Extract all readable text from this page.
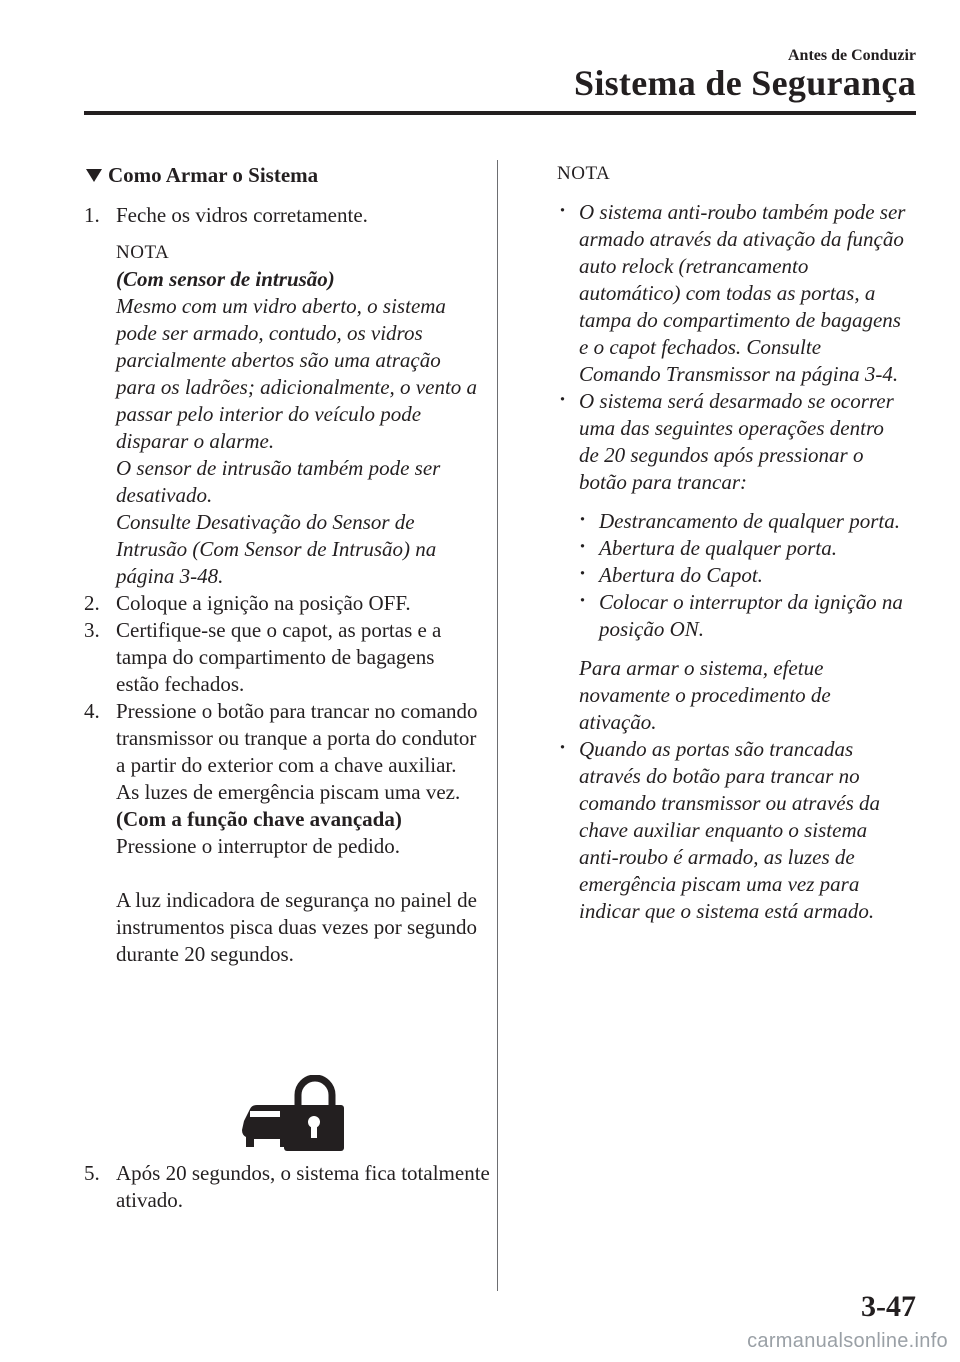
Antes de Conduzir
Sistema de Segurança
Como Armar o Sistema
1. Feche os vidros corretamente.
NOTA
(Com sensor de intrusão)
Mesmo com um vidro aberto, o sistema pode ser armado, contudo, os vidros parcialmente abertos são uma atração para os ladrões; adicionalmente, o vento a passar pelo interior do veículo pode disparar o alarme.
O sensor de intrusão também pode ser desativado.
Consulte Desativação do Sensor de Intrusão (Com Sensor de Intrusão) na página 3-48.
2. Coloque a ignição na posição OFF.
3. Certifique-se que o capot, as portas e a tampa do compartimento de bagagens estão fechados.
4. Pressione o botão para trancar no comando transmissor ou tranque a porta do condutor a partir do exterior com a chave auxiliar.
As luzes de emergência piscam uma vez.
(Com a função chave avançada)
Pressione o interruptor de pedido.
A luz indicadora de segurança no painel de instrumentos pisca duas vezes por segundo durante 20 segundos.
5. Após 20 segundos, o sistema fica totalmente ativado.
NOTA
· O sistema anti-roubo também pode ser armado através da ativação da função auto relock (retrancamento automático) com todas as portas, a tampa do compartimento de bagagens e o capot fechados. Consulte Comando Transmissor na página 3-4.
· O sistema será desarmado se ocorrer uma das seguintes operações dentro de 20 segundos após pressionar o botão para trancar:
· Destrancamento de qualquer porta.
· Abertura de qualquer porta.
· Abertura do Capot.
· Colocar o interruptor da ignição na posição ON.
Para armar o sistema, efetue novamente o procedimento de ativação.
· Quando as portas são trancadas através do botão para trancar no comando transmissor ou através da chave auxiliar enquanto o sistema anti-roubo é armado, as luzes de emergência piscam uma vez para indicar que o sistema está armado.
3-47
carmanualsonline.info
